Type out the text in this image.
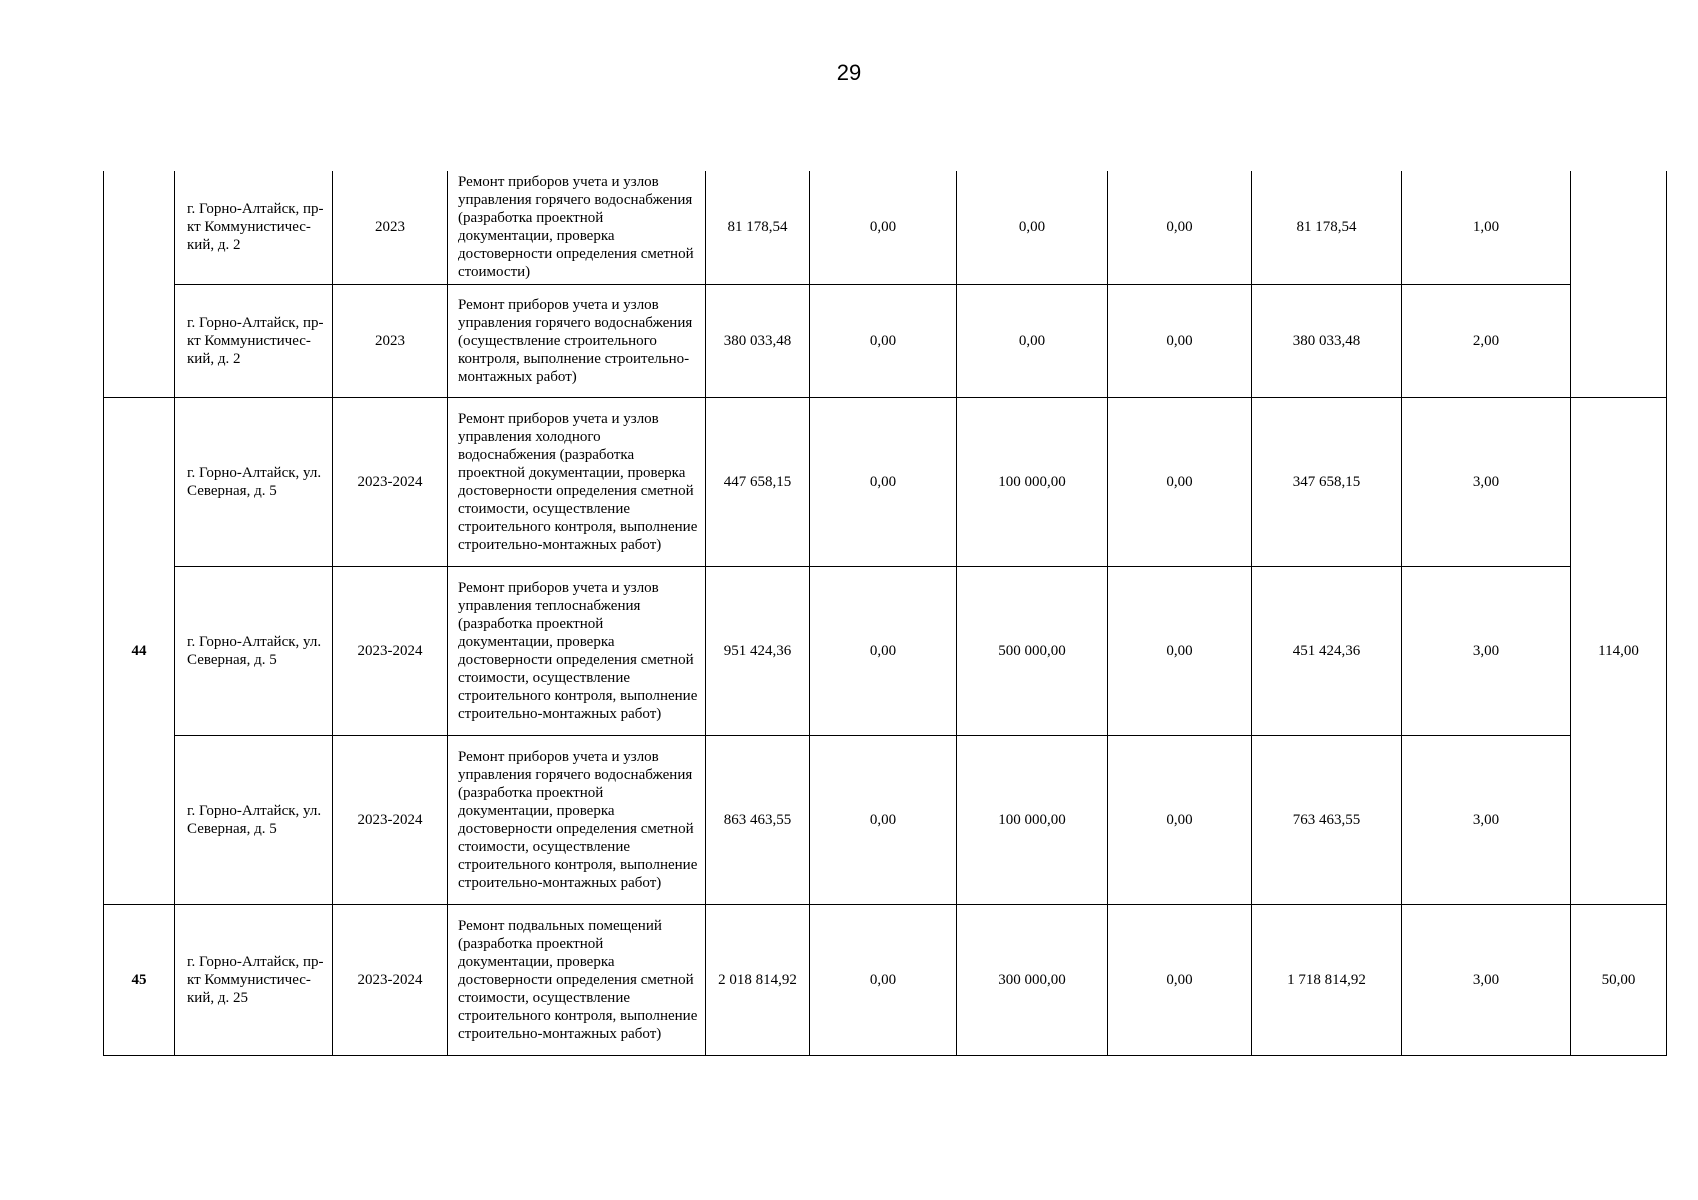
29
	г. Горно-Алтайск, пр-кт Коммунистичес-кий, д. 2	2023	Ремонт приборов учета и узлов управления горячего водоснабжения (разработка проектной документации, проверка достоверности определения сметной стоимости)	81 178,54	0,00	0,00	0,00	81 178,54	1,00	
	г. Горно-Алтайск, пр-кт Коммунистичес-кий, д. 2	2023	Ремонт приборов учета и узлов управления горячего водоснабжения (осуществление строительного контроля, выполнение строительно-монтажных работ)	380 033,48	0,00	0,00	0,00	380 033,48	2,00	
44	г. Горно-Алтайск, ул. Северная, д. 5	2023-2024	Ремонт приборов учета и узлов управления холодного водоснабжения (разработка проектной документации, проверка достоверности определения сметной стоимости, осуществление строительного контроля, выполнение строительно-монтажных работ)	447 658,15	0,00	100 000,00	0,00	347 658,15	3,00	114,00
	г. Горно-Алтайск, ул. Северная, д. 5	2023-2024	Ремонт приборов учета и узлов управления теплоснабжения (разработка проектной документации, проверка достоверности определения сметной стоимости, осуществление строительного контроля, выполнение строительно-монтажных работ)	951 424,36	0,00	500 000,00	0,00	451 424,36	3,00	
	г. Горно-Алтайск, ул. Северная, д. 5	2023-2024	Ремонт приборов учета и узлов управления горячего водоснабжения (разработка проектной документации, проверка достоверности определения сметной стоимости, осуществление строительного контроля, выполнение строительно-монтажных работ)	863 463,55	0,00	100 000,00	0,00	763 463,55	3,00	
45	г. Горно-Алтайск, пр-кт Коммунистичес-кий, д. 25	2023-2024	Ремонт подвальных помещений (разработка проектной документации, проверка достоверности определения сметной стоимости, осуществление строительного контроля, выполнение строительно-монтажных работ)	2 018 814,92	0,00	300 000,00	0,00	1 718 814,92	3,00	50,00
